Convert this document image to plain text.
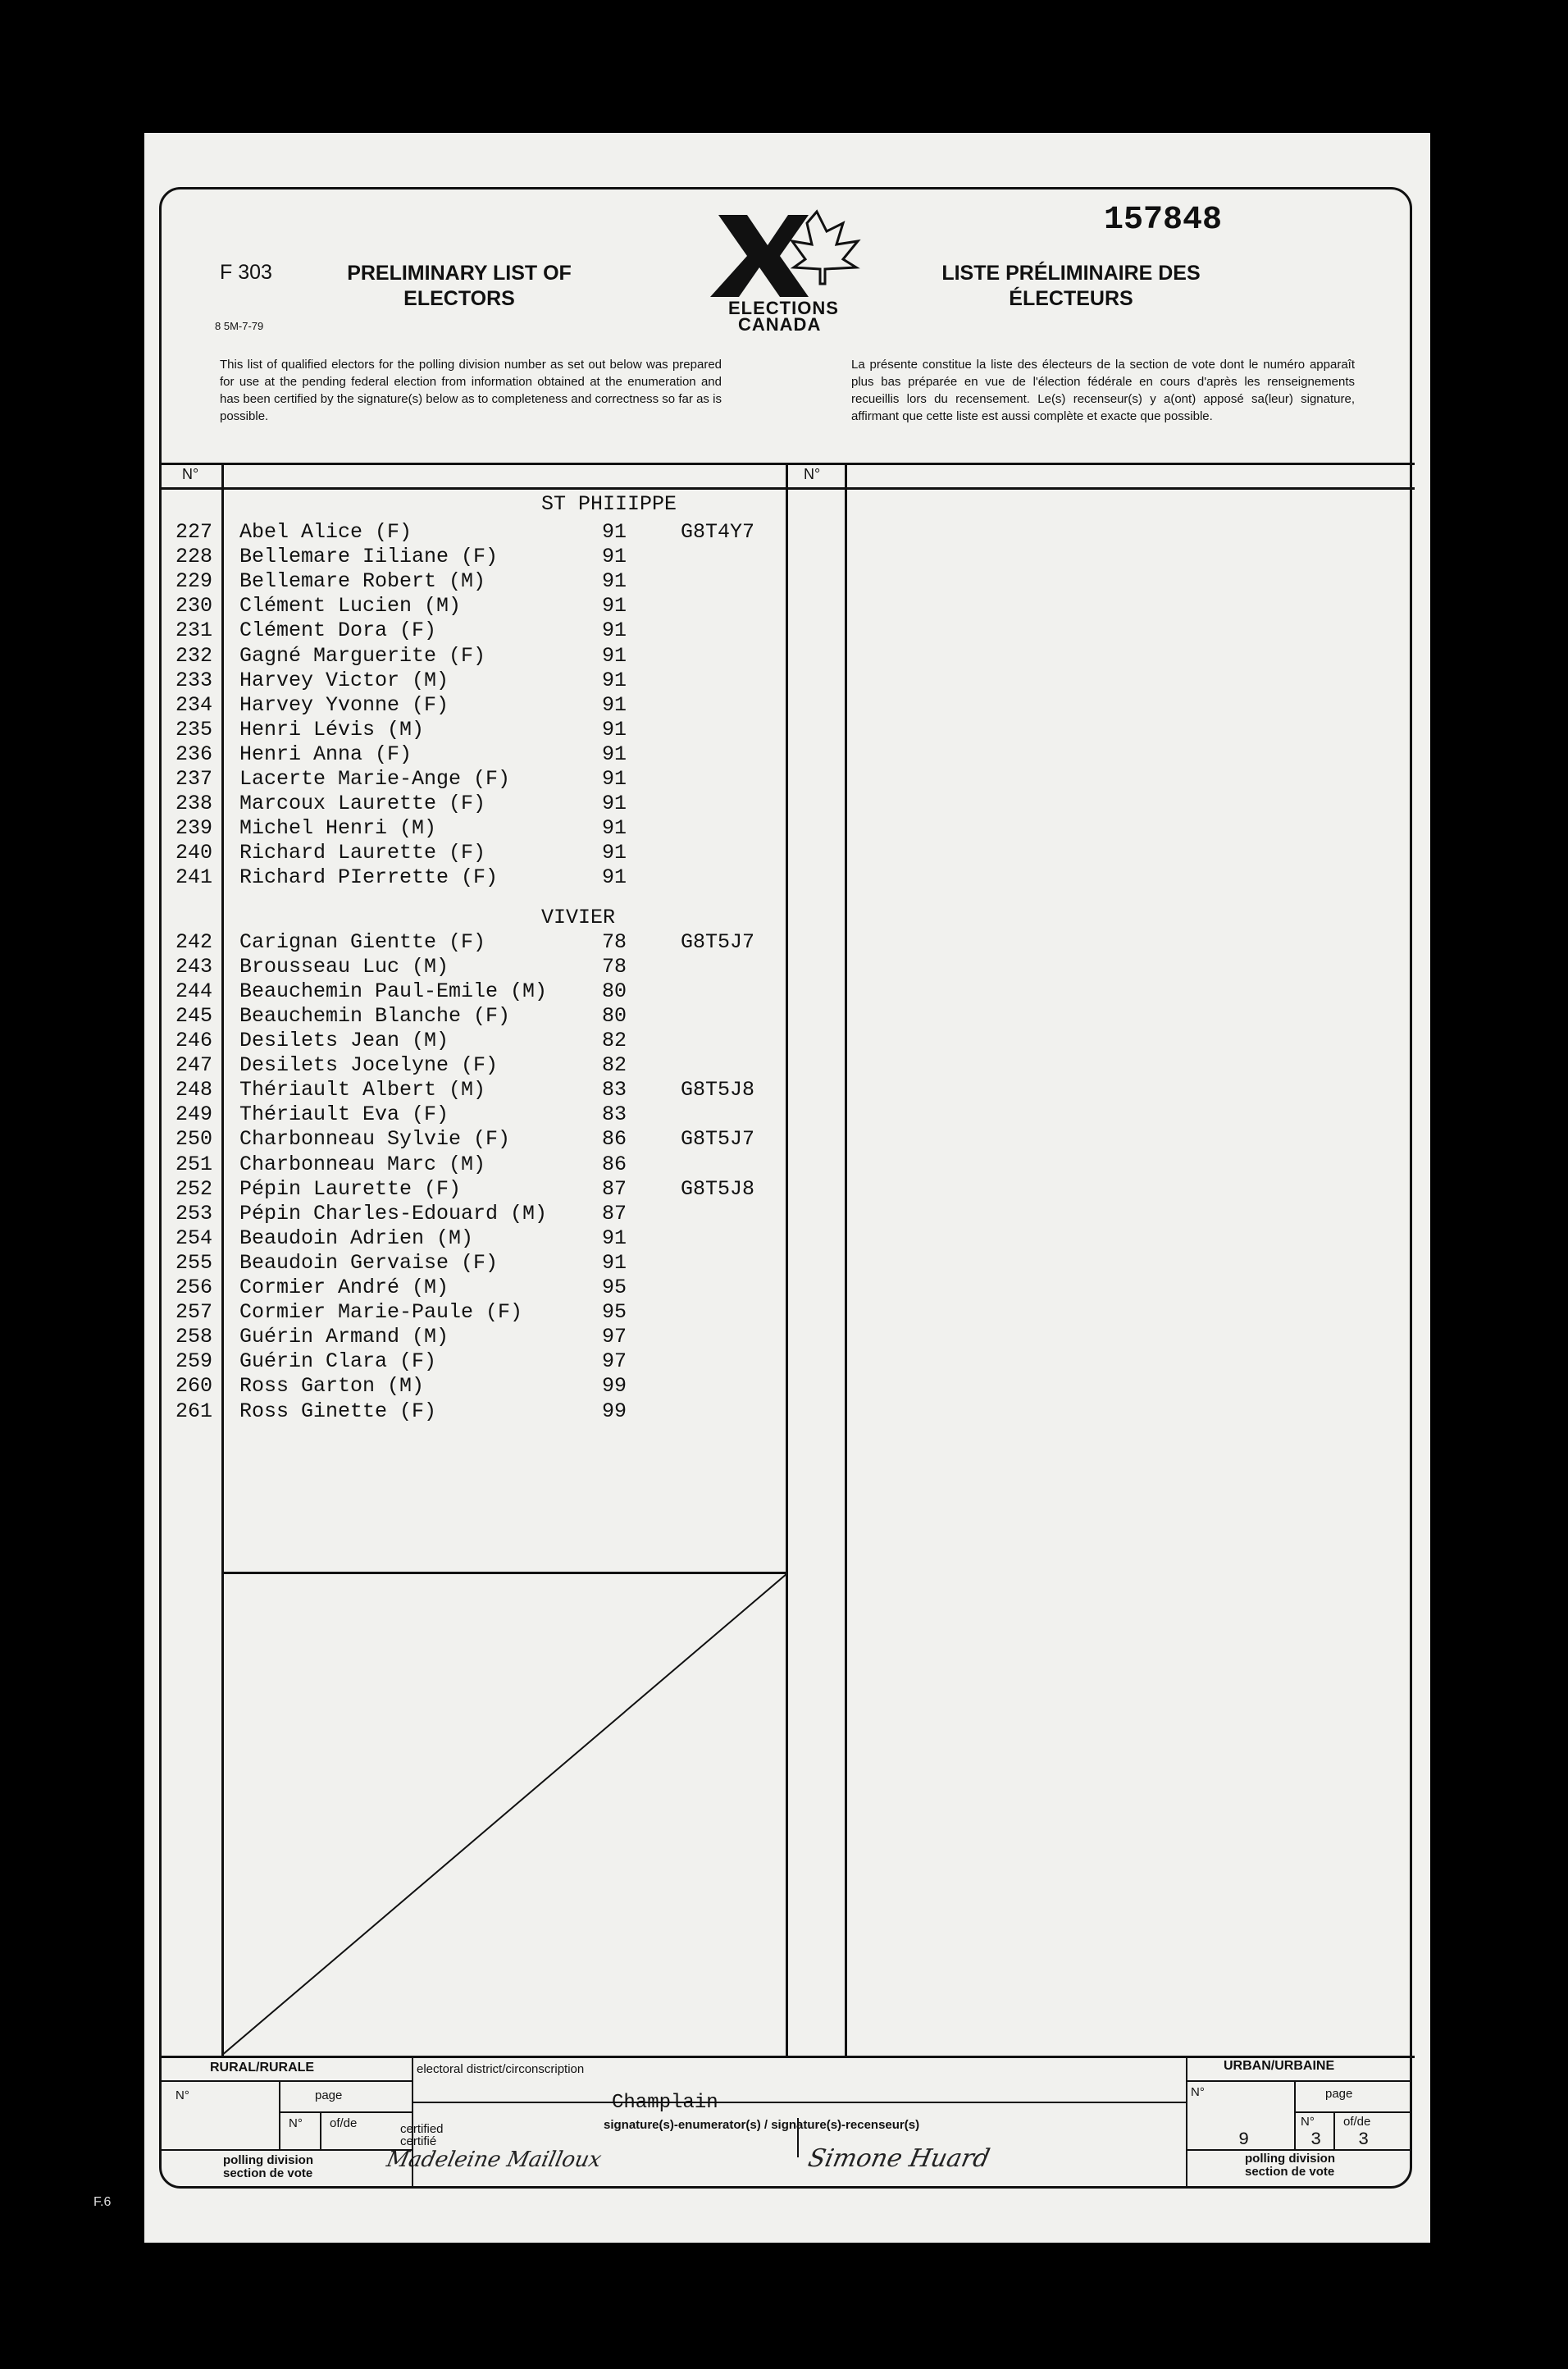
157848
F 303
8 5M-7-79
PRELIMINARY LIST OF ELECTORS
LISTE PRÉLIMINAIRE DES ÉLECTEURS
ELECTIONS
CANADA
This list of qualified electors for the polling division number as set out below was prepared for use at the pending federal election from information obtained at the enumeration and has been certified by the signature(s) below as to completeness and correctness so far as is possible.
La présente constitue la liste des électeurs de la section de vote dont le numéro apparaît plus bas préparée en vue de l'élection fédérale en cours d'après les renseignements recueillis lors du recensement. Le(s) recenseur(s) y a(ont) apposé sa(leur) signature, affirmant que cette liste est aussi complète et exacte que possible.
N°	N°

ST PHIIIPPE

RURAL/RURALE	URBAN/URBAINE
N°	page
N° of/de
N°	page
N° of/de
9	3 3
polling division
section de vote
polling division
section de vote
electoral district/circonscription
Champlain
signature(s)-enumerator(s) / signature(s)-recenseur(s)
certified
certifié
Madeleine Mailloux	Simone Huard
227 Abel Alice (F)	91	G8T4Y7
228 Bellemare Iiliane (F)	91
229 Bellemare Robert (M)	91
230 Clément Lucien (M)	91
231 Clément Dora (F)	91
232 Gagné Marguerite (F)	91
233 Harvey Victor (M)	91
234 Harvey Yvonne (F)	91
235 Henri Lévis (M)	91
236 Henri Anna (F)	91
237 Lacerte Marie-Ange (F)	91
238 Marcoux Laurette (F)	91
239 Michel Henri (M)	91
240 Richard Laurette (F)	91
241 Richard PIerrette (F)	91
VIVIER
242 Carignan Gientte (F)	78	G8T5J7
243 Brousseau Luc (M)	78
244 Beauchemin Paul-Emile (M)	80
245 Beauchemin Blanche (F)	80
246 Desilets Jean (M)	82
247 Desilets Jocelyne (F)	82
248 Thériault Albert (M)	83	G8T5J8
249 Thériault Eva (F)	83
250 Charbonneau Sylvie (F)	86	G8T5J7
251 Charbonneau Marc (M)	86
252 Pépin Laurette (F)	87	G8T5J8
253 Pépin Charles-Edouard (M)	87
254 Beaudoin Adrien (M)	91
255 Beaudoin Gervaise (F)	91
256 Cormier André (M)	95
257 Cormier Marie-Paule (F)	95
258 Guérin Armand (M)	97
259 Guérin Clara (F)	97
260 Ross Garton (M)	99
261 Ross Ginette (F)	99
F.6
